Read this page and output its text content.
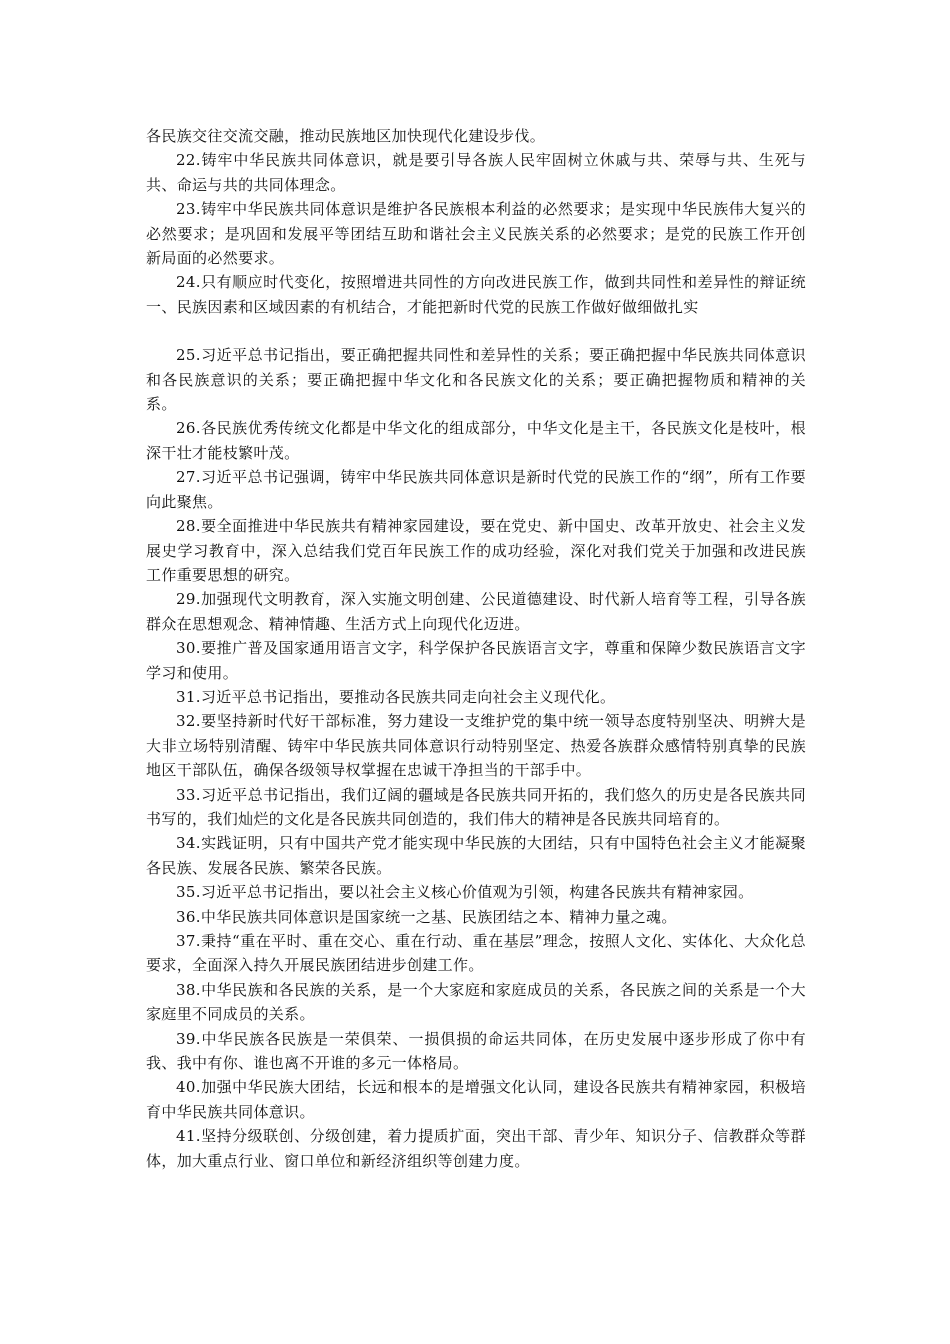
各民族交往交流交融，推动民族地区加快现代化建设步伐。

22.铸牢中华民族共同体意识，就是要引导各族人民牢固树立休戚与共、荣辱与共、生死与共、命运与共的共同体理念。

23.铸牢中华民族共同体意识是维护各民族根本利益的必然要求；是实现中华民族伟大复兴的必然要求；是巩固和发展平等团结互助和谐社会主义民族关系的必然要求；是党的民族工作开创新局面的必然要求。

24.只有顺应时代变化，按照增进共同性的方向改进民族工作，做到共同性和差异性的辩证统一、民族因素和区域因素的有机结合，才能把新时代党的民族工作做好做细做扎实

25.习近平总书记指出，要正确把握共同性和差异性的关系；要正确把握中华民族共同体意识和各民族意识的关系；要正确把握中华文化和各民族文化的关系；要正确把握物质和精神的关系。

26.各民族优秀传统文化都是中华文化的组成部分，中华文化是主干，各民族文化是枝叶，根深干壮才能枝繁叶茂。

27.习近平总书记强调，铸牢中华民族共同体意识是新时代党的民族工作的“纲”，所有工作要向此聚焦。

28.要全面推进中华民族共有精神家园建设，要在党史、新中国史、改革开放史、社会主义发展史学习教育中，深入总结我们党百年民族工作的成功经验，深化对我们党关于加强和改进民族工作重要思想的研究。

29.加强现代文明教育，深入实施文明创建、公民道德建设、时代新人培育等工程，引导各族群众在思想观念、精神情趣、生活方式上向现代化迈进。

30.要推广普及国家通用语言文字，科学保护各民族语言文字，尊重和保障少数民族语言文字学习和使用。

31.习近平总书记指出，要推动各民族共同走向社会主义现代化。

32.要坚持新时代好干部标准，努力建设一支维护党的集中统一领导态度特别坚决、明辨大是大非立场特别清醒、铸牢中华民族共同体意识行动特别坚定、热爱各族群众感情特别真挚的民族地区干部队伍，确保各级领导权掌握在忠诚干净担当的干部手中。

33.习近平总书记指出，我们辽阔的疆域是各民族共同开拓的，我们悠久的历史是各民族共同书写的，我们灿烂的文化是各民族共同创造的，我们伟大的精神是各民族共同培育的。

34.实践证明，只有中国共产党才能实现中华民族的大团结，只有中国特色社会主义才能凝聚各民族、发展各民族、繁荣各民族。

35.习近平总书记指出，要以社会主义核心价值观为引领，构建各民族共有精神家园。

36.中华民族共同体意识是国家统一之基、民族团结之本、精神力量之魂。

37.秉持“重在平时、重在交心、重在行动、重在基层”理念，按照人文化、实体化、大众化总要求，全面深入持久开展民族团结进步创建工作。

38.中华民族和各民族的关系，是一个大家庭和家庭成员的关系，各民族之间的关系是一个大家庭里不同成员的关系。

39.中华民族各民族是一荣俱荣、一损俱损的命运共同体，在历史发展中逐步形成了你中有我、我中有你、谁也离不开谁的多元一体格局。

40.加强中华民族大团结，长远和根本的是增强文化认同，建设各民族共有精神家园，积极培育中华民族共同体意识。

41.坚持分级联创、分级创建，着力提质扩面，突出干部、青少年、知识分子、信教群众等群体，加大重点行业、窗口单位和新经济组织等创建力度。
